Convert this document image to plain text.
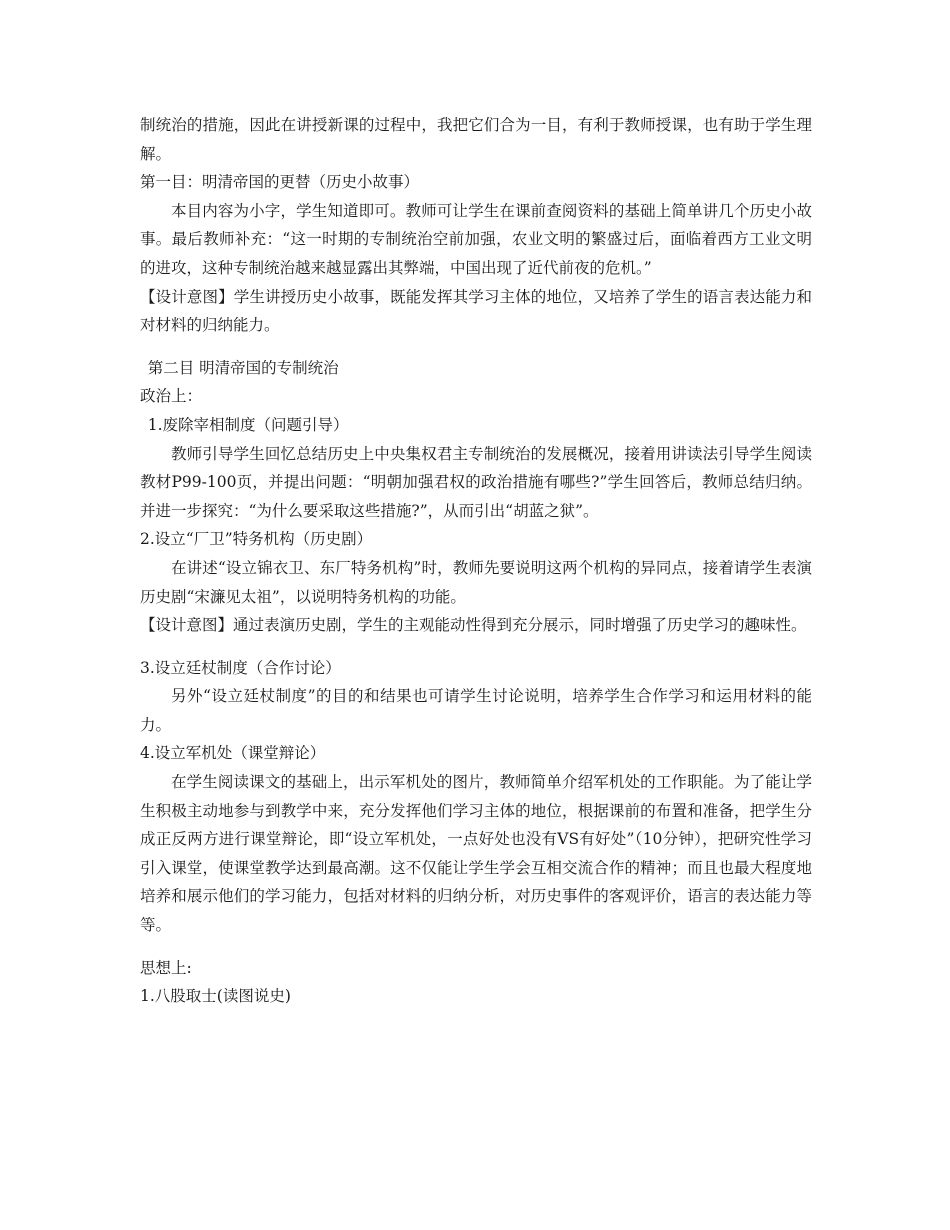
制统治的措施，因此在讲授新课的过程中，我把它们合为一目，有利于教师授课，也有助于学生理解。

第一目：明清帝国的更替（历史小故事）

本目内容为小字，学生知道即可。教师可让学生在课前查阅资料的基础上简单讲几个历史小故事。最后教师补充：“这一时期的专制统治空前加强，农业文明的繁盛过后，面临着西方工业文明的进攻，这种专制统治越来越显露出其弊端，中国出现了近代前夜的危机。”

【设计意图】学生讲授历史小故事，既能发挥其学习主体的地位，又培养了学生的语言表达能力和对材料的归纳能力。

第二目 明清帝国的专制统治

政治上：

1.废除宰相制度（问题引导）

教师引导学生回忆总结历史上中央集权君主专制统治的发展概况，接着用讲读法引导学生阅读教材P99-100页，并提出问题：“明朝加强君权的政治措施有哪些?”学生回答后，教师总结归纳。并进一步探究：“为什么要采取这些措施?”，从而引出“胡蓝之狱”。

2.设立“厂卫”特务机构（历史剧）

在讲述“设立锦衣卫、东厂特务机构”时，教师先要说明这两个机构的异同点，接着请学生表演历史剧“宋濂见太祖”，以说明特务机构的功能。

【设计意图】通过表演历史剧，学生的主观能动性得到充分展示，同时增强了历史学习的趣味性。

3.设立廷杖制度（合作讨论）

另外“设立廷杖制度”的目的和结果也可请学生讨论说明，培养学生合作学习和运用材料的能力。

4.设立军机处（课堂辩论）

在学生阅读课文的基础上，出示军机处的图片，教师简单介绍军机处的工作职能。为了能让学生积极主动地参与到教学中来，充分发挥他们学习主体的地位，根据课前的布置和准备，把学生分成正反两方进行课堂辩论，即“设立军机处，一点好处也没有VS有好处”（10分钟），把研究性学习引入课堂，使课堂教学达到最高潮。这不仅能让学生学会互相交流合作的精神；而且也最大程度地培养和展示他们的学习能力，包括对材料的归纳分析，对历史事件的客观评价，语言的表达能力等等。

思想上:

1.八股取士(读图说史)
